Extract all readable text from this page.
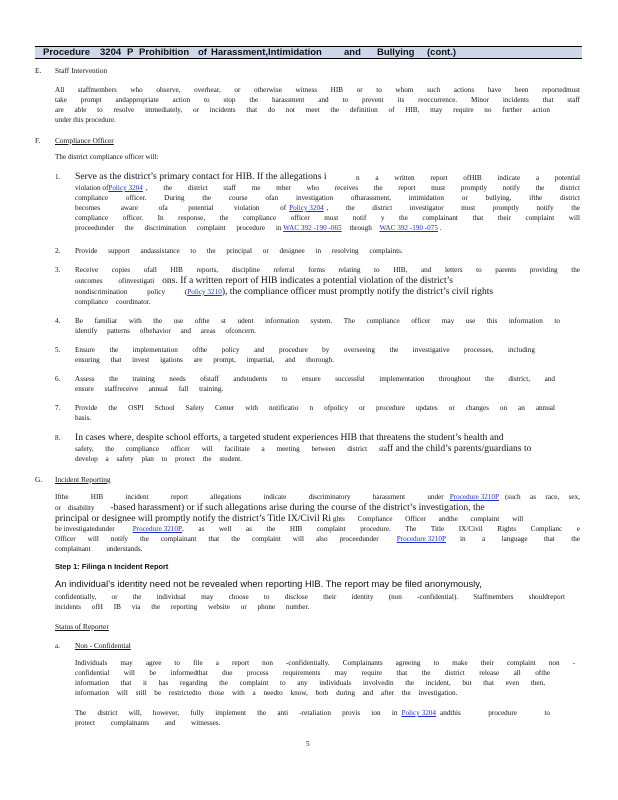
Procedure 3204 P Prohibition of Harassment,Intimidation and Bullying (cont.)
E. Staff Intervention
All staffmembers who observe, overhear, or otherwise witness HIB or to whom such actions have been reportedmust
take prompt andappropriate action to stop the harassment and to prevent its reoccurrence. Minor incidents that staff
are able to resolve immediately, or incidents that do not meet the definition of HIB, may require no further action
under this procedure.
F. Compliance Officer
The district compliance officer will:
1. Serve as the district’s primary contact for HIB. If the allegations i	n a written report ofHIB indicate a potential
violation of Policy 3204 , the district staff me mber who receives the report must promptly notify the district
compliance officer. During the course ofan investigation ofharassment, intimidation or bullying, ifthe district
becomes aware ofa potential violation of Policy 3204 , the district investigator must promptly notify the
compliance officer. In response, the compliance officer must notif y the complainant that their complaint will
proceedunder the discrimination complaint procedure in WAC 392 -190 -065 through WAC 392 -190 -075 .
2. Provide support andassistance to the principal or designee in resolving complaints.
3. Receive copies ofall HIB reports, discipline referral forms relating to HIB, and letters to parents providing the
outcomes ofinvestigati ons. If a written report of HIB indicates a potential violation of the district’s
nondiscrimination policy (Policy 3210), the compliance officer must promptly notify the district’s civil rights
compliance coordinator.
4. Be familiar with the use ofthe st udent information system. The compliance officer may use this information to
identify patterns ofbehavior and areas ofconcern.
5. Ensure the implementation ofthe policy and procedure by overseeing the investigative processes, including
ensuring that invest igations are prompt, impartial, and thorough.
6. Assess the training needs ofstaff andstudents to ensure successful implementation throughout the district, and
ensure staffreceive annual fall training.
7. Provide the OSPI School Safety Center with notificatio n ofpolicy or procedure updates or changes on an annual
basis.
8. In cases where, despite school efforts, a targeted student experiences HIB that threatens the student’s health and
safety, the compliance officer will facilitate a meeting between district staff and the child’s parents/guardians to
develop a safety plan to protect the student.
G. Incident Reporting
Ifthe HIB incident report allegations indicate discriminatory harassment under Procedure 3210P (such as race, sex,
or disability -based harassment) or if such allegations arise during the course of the district’s investigation, the
principal or designee will promptly notify the district’s Title IX/Civil Ri ghts Compliance Officer andthe complaint will
be investigatedunder	Procedure 3210P , as well as the HIB complaint procedure. The Title IX/Civil Rights Complianc e
Officer will notify the complainant that the complaint will also proceedunder	Procedure 3210P in a language that the
complainant understands.
Step 1: Filinga n Incident Report
An individual’s identity need not be revealed when reporting HIB. The report may be filed anonymously,
confidentially, or the individual may choose to disclose their identity (non -confidential). Staffmembers shouldreport
incidents ofH IB via the reporting website or phone number.
Status of Reporter
a. Non - Confidential
Individuals may agree to file a report non -confidentially. Complainants agreeing to make their complaint non -
confidential will be informedthat due process requirements may require that the district release all ofthe
information that it has regarding the complaint to any individuals involvedin the incident, but that even then,
information will still be restrictedto those with a needto know, both during and after the investigation.
The district will, however, fully implement the anti -retaliation provis ion in Policy 3204 andthis procedure to
protect complainants and witnesses.
5
